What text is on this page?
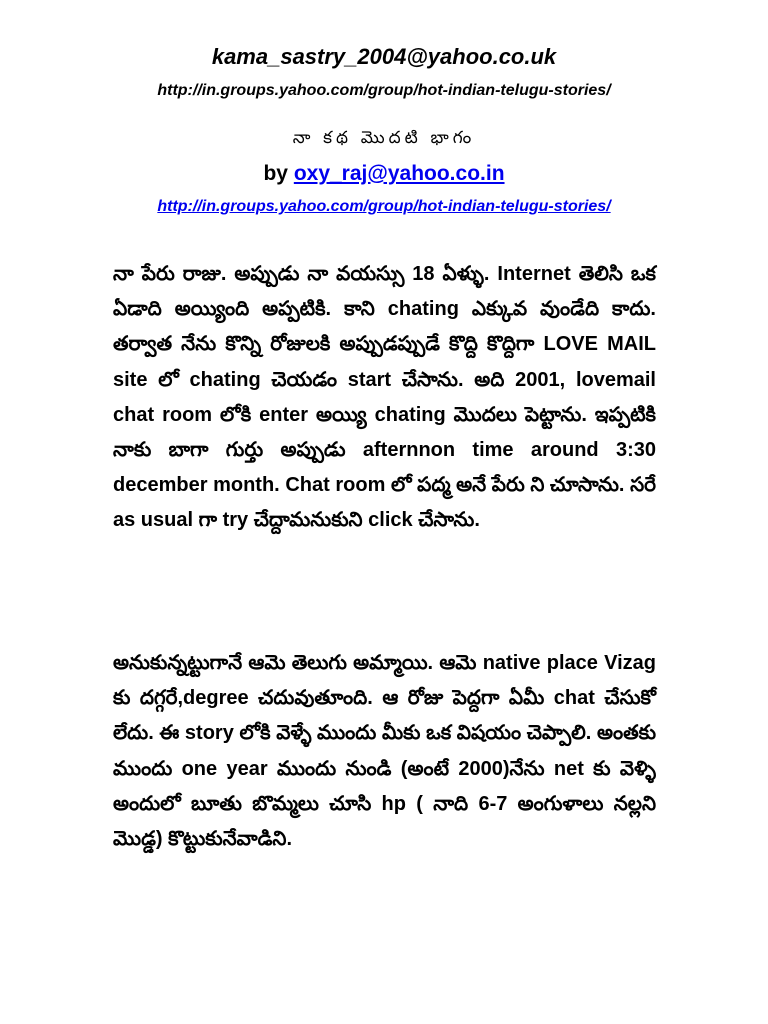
kama_sastry_2004@yahoo.co.uk
http://in.groups.yahoo.com/group/hot-indian-telugu-stories/
నా కథ మొదటి భాగం
by oxy_raj@yahoo.co.in
http://in.groups.yahoo.com/group/hot-indian-telugu-stories/

నా పేరు రాజు. అప్పుడు నా వయస్సు 18 ఏళ్ళు. Internet తెలిసి ఒక ఏడాది అయ్యింది అప్పటికి. కాని chating ఎక్కువ వుండేది కాదు. తర్వాత నేను కొన్ని రోజులకి అప్పుడప్పుడే కొద్ది కొద్దిగా LOVE MAIL site లో chating చెయడం start చేసాను. అది 2001, lovemail chat room లోకి enter అయ్యి chating మొదలు పెట్టాను. ఇప్పటికి నాకు బాగా గుర్తు అప్పుడు afternnon time around 3:30 december month. Chat room లో పద్మ అనే పేరు ని చూసాను. సరే as usual గా try చేద్దామనుకుని click చేసాను.

అనుకున్నట్టుగానే ఆమె తెలుగు అమ్మాయి. ఆమె native place Vizag కు దగ్గరే,degree చదువుతూంది. ఆ రోజు పెద్దగా ఏమీ chat చేసుకో లేదు. ఈ story లోకి వెళ్ళే ముందు మీకు ఒక విషయం చెప్పాలి. అంతకు ముందు one year ముందు నుండి (అంటే 2000)నేను net కు వెళ్ళి అందులో బూతు బొమ్మలు చూసి hp ( నాది 6-7 అంగుళాలు నల్లని మొడ్డ) కొట్టుకునేవాడిని.
